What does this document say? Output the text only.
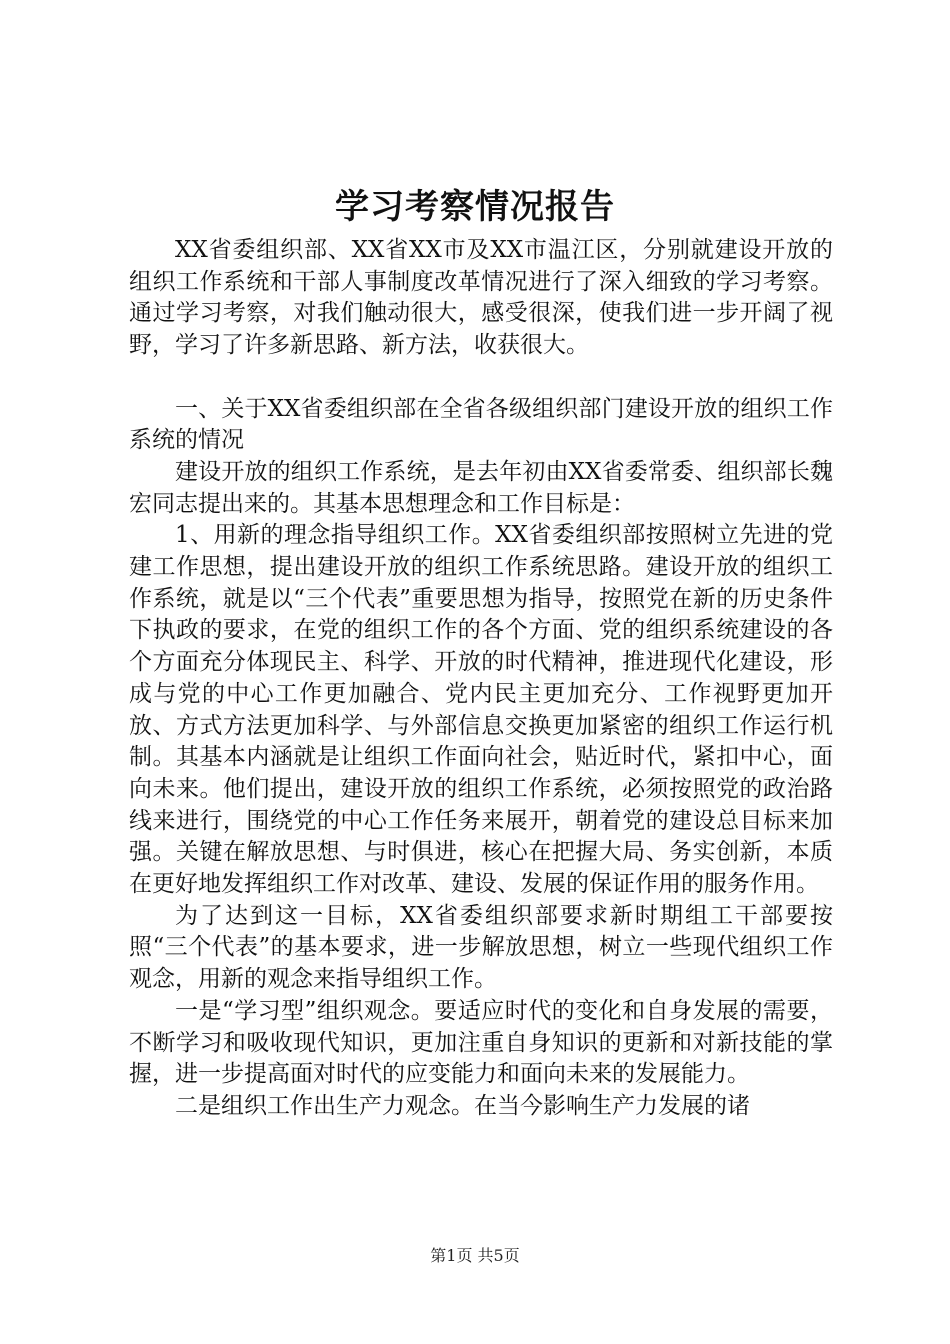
学习考察情况报告

XX省委组织部、XX省XX市及XX市温江区，分别就建设开放的组织工作系统和干部人事制度改革情况进行了深入细致的学习考察。通过学习考察，对我们触动很大，感受很深，使我们进一步开阔了视野，学习了许多新思路、新方法，收获很大。

一、关于XX省委组织部在全省各级组织部门建设开放的组织工作系统的情况

建设开放的组织工作系统，是去年初由XX省委常委、组织部长魏宏同志提出来的。其基本思想理念和工作目标是：

1、用新的理念指导组织工作。XX省委组织部按照树立先进的党建工作思想，提出建设开放的组织工作系统思路。建设开放的组织工作系统，就是以“三个代表”重要思想为指导，按照党在新的历史条件下执政的要求，在党的组织工作的各个方面、党的组织系统建设的各个方面充分体现民主、科学、开放的时代精神，推进现代化建设，形成与党的中心工作更加融合、党内民主更加充分、工作视野更加开放、方式方法更加科学、与外部信息交换更加紧密的组织工作运行机制。其基本内涵就是让组织工作面向社会，贴近时代，紧扣中心，面向未来。他们提出，建设开放的组织工作系统，必须按照党的政治路线来进行，围绕党的中心工作任务来展开，朝着党的建设总目标来加强。关键在解放思想、与时俱进，核心在把握大局、务实创新，本质在更好地发挥组织工作对改革、建设、发展的保证作用的服务作用。

为了达到这一目标，XX省委组织部要求新时期组工干部要按照“三个代表”的基本要求，进一步解放思想，树立一些现代组织工作观念，用新的观念来指导组织工作。

一是“学习型”组织观念。要适应时代的变化和自身发展的需要，不断学习和吸收现代知识，更加注重自身知识的更新和对新技能的掌握，进一步提高面对时代的应变能力和面向未来的发展能力。

二是组织工作出生产力观念。在当今影响生产力发展的诸

第1页 共5页
